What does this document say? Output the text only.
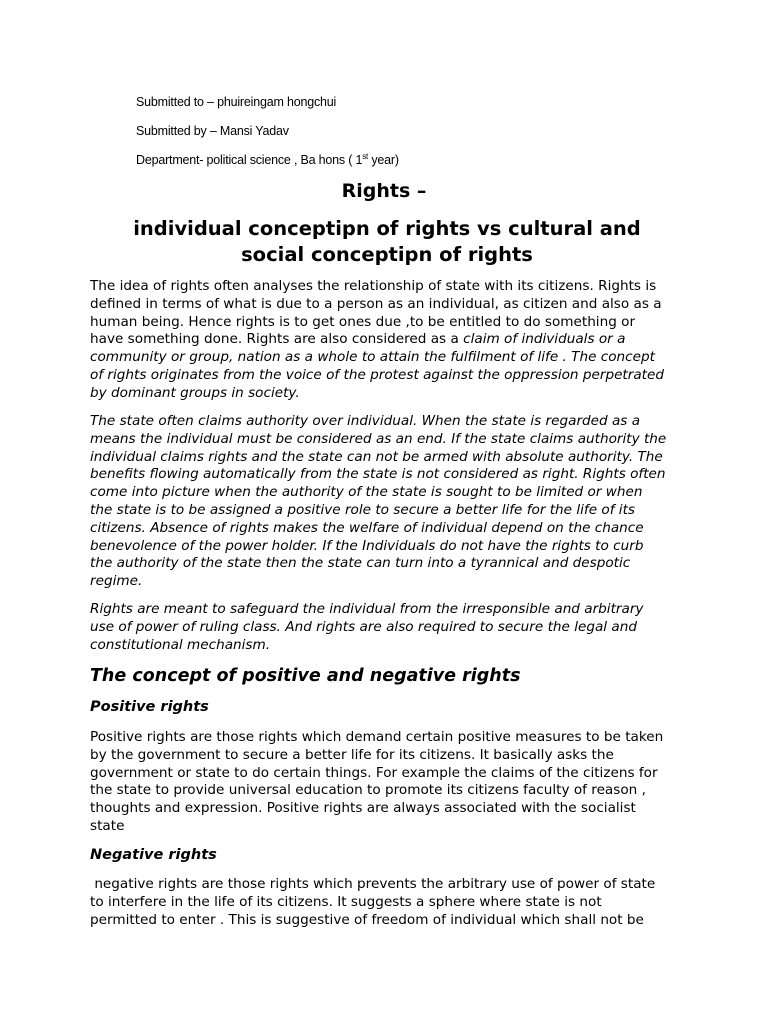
Submitted to – phuireingam hongchui
Submitted by – Mansi Yadav
Department- political science , Ba hons ( 1st year)
Rights –
individual conceptipn of rights vs cultural and
social conceptipn of rights
The idea of rights often analyses the relationship of state with its citizens. Rights is
defined in terms of what is due to a person as an individual, as citizen and also as a
human being. Hence rights is to get ones due ,to be entitled to do something or
have something done. Rights are also considered as a claim of individuals or a
community or group, nation as a whole to attain the fulfilment of life . The concept
of rights originates from the voice of the protest against the oppression perpetrated
by dominant groups in society.
The state often claims authority over individual. When the state is regarded as a
means the individual must be considered as an end. If the state claims authority the
individual claims rights and the state can not be armed with absolute authority. The
benefits flowing automatically from the state is not considered as right. Rights often
come into picture when the authority of the state is sought to be limited or when
the state is to be assigned a positive role to secure a better life for the life of its
citizens. Absence of rights makes the welfare of individual depend on the chance
benevolence of the power holder. If the Individuals do not have the rights to curb
the authority of the state then the state can turn into a tyrannical and despotic
regime.
Rights are meant to safeguard the individual from the irresponsible and arbitrary
use of power of ruling class. And rights are also required to secure the legal and
constitutional mechanism.
The concept of positive and negative rights
Positive rights
Positive rights are those rights which demand certain positive measures to be taken
by the government to secure a better life for its citizens. It basically asks the
government or state to do certain things. For example the claims of the citizens for
the state to provide universal education to promote its citizens faculty of reason ,
thoughts and expression. Positive rights are always associated with the socialist
state
Negative rights
negative rights are those rights which prevents the arbitrary use of power of state
to interfere in the life of its citizens. It suggests a sphere where state is not
permitted to enter . This is suggestive of freedom of individual which shall not be
